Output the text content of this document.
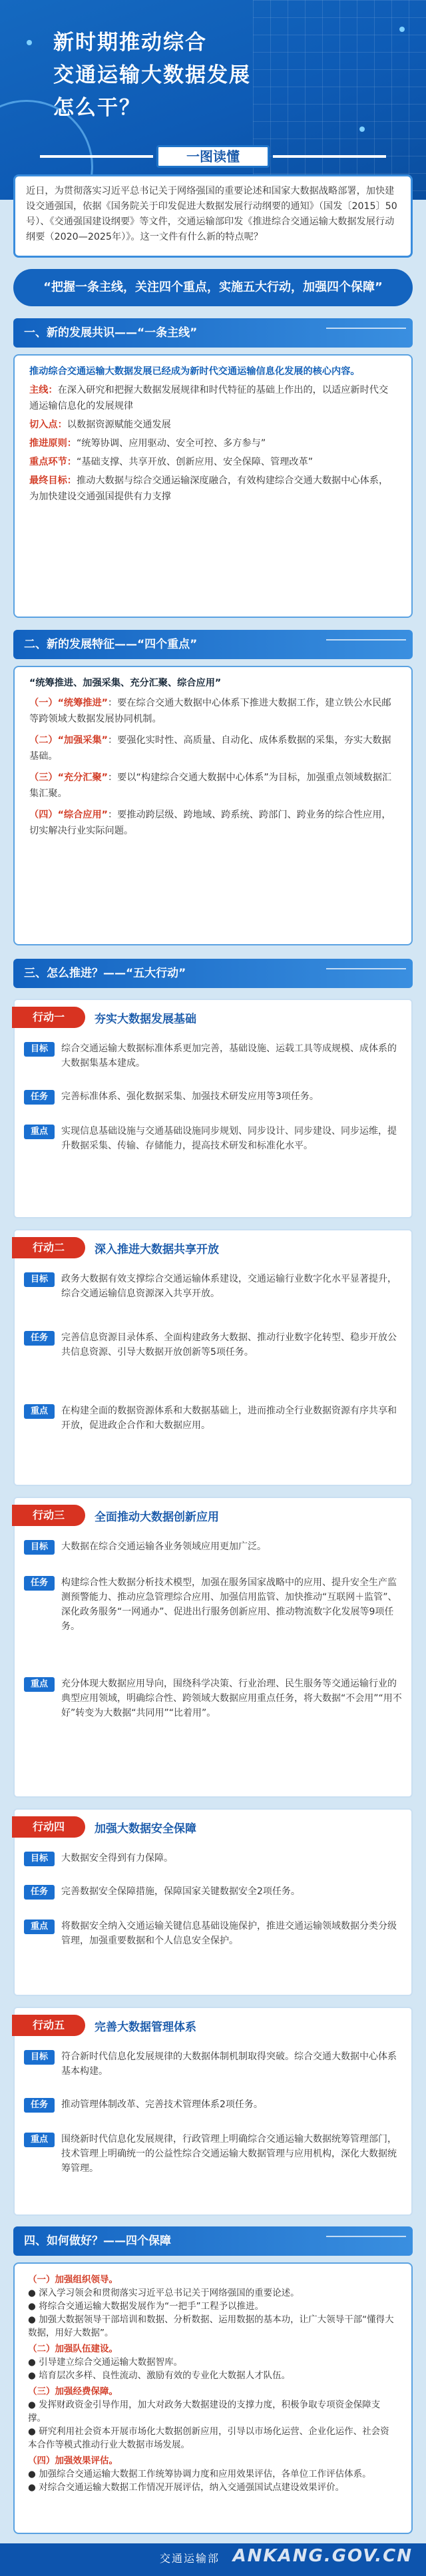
新时期推动综合
交通运输大数据发展
怎么干？
一图读懂
近日，为贯彻落实习近平总书记关于网络强国的重要论述和国家大数据战略部署，加快建设交通强国，依据《国务院关于印发促进大数据发展行动纲要的通知》（国发〔2015〕50号）、《交通强国建设纲要》等文件，交通运输部印发《推进综合交通运输大数据发展行动纲要（2020—2025年）》。这一文件有什么新的特点呢？
“把握一条主线，关注四个重点，实施五大行动，加强四个保障”
一、新的发展共识——“一条主线”

推动综合交通运输大数据发展已经成为新时代交通运输信息化发展的核心内容。

主线：在深入研究和把握大数据发展规律和时代特征的基础上作出的，以适应新时代交通运输信息化的发展规律

切入点：以数据资源赋能交通发展

推进原则：“统筹协调、应用驱动、安全可控、多方参与”

重点环节：“基础支撑、共享开放、创新应用、安全保障、管理改革”

最终目标：推动大数据与综合交通运输深度融合，有效构建综合交通大数据中心体系，为加快建设交通强国提供有力支撑

二、新的发展特征——“四个重点”

“统筹推进、加强采集、充分汇聚、综合应用”

（一）“统筹推进”：要在综合交通大数据中心体系下推进大数据工作，建立铁公水民邮等跨领域大数据发展协同机制。

（二）“加强采集”：要强化实时性、高质量、自动化、成体系数据的采集，夯实大数据基础。

（三）“充分汇聚”：要以“构建综合交通大数据中心体系”为目标，加强重点领域数据汇集汇聚。

（四）“综合应用”：要推动跨层级、跨地域、跨系统、跨部门、跨业务的综合性应用，切实解决行业实际问题。

三、怎么推进？——“五大行动”
行动一	夯实大数据发展基础
目标	综合交通运输大数据标准体系更加完善，基础设施、运载工具等成规模、成体系的大数据集基本建成。
任务	完善标准体系、强化数据采集、加强技术研发应用等3项任务。
重点	实现信息基础设施与交通基础设施同步规划、同步设计、同步建设、同步运维，提升数据采集、传输、存储能力，提高技术研发和标准化水平。
行动二	深入推进大数据共享开放
目标	政务大数据有效支撑综合交通运输体系建设，交通运输行业数字化水平显著提升，综合交通运输信息资源深入共享开放。
任务	完善信息资源目录体系、全面构建政务大数据、推动行业数字化转型、稳步开放公共信息资源、引导大数据开放创新等5项任务。
重点	在构建全面的数据资源体系和大数据基础上，进而推动全行业数据资源有序共享和开放，促进政企合作和大数据应用。
行动三	全面推动大数据创新应用
目标	大数据在综合交通运输各业务领域应用更加广泛。
任务	构建综合性大数据分析技术模型，加强在服务国家战略中的应用、提升安全生产监测预警能力、推动应急管理综合应用、加强信用监管、加快推动“互联网＋监管”、深化政务服务“一网通办”、促进出行服务创新应用、推动物流数字化发展等9项任务。
重点	充分体现大数据应用导向，围绕科学决策、行业治理、民生服务等交通运输行业的典型应用领域，明确综合性、跨领域大数据应用重点任务，将大数据“不会用”“用不好”转变为大数据“共同用”“比着用”。
行动四	加强大数据安全保障
目标	大数据安全得到有力保障。
任务	完善数据安全保障措施，保障国家关键数据安全2项任务。
重点	将数据安全纳入交通运输关键信息基础设施保护，推进交通运输领域数据分类分级管理，加强重要数据和个人信息安全保护。
行动五	完善大数据管理体系
目标	符合新时代信息化发展规律的大数据体制机制取得突破。综合交通大数据中心体系基本构建。
任务	推动管理体制改革、完善技术管理体系2项任务。
重点	围绕新时代信息化发展规律，行政管理上明确综合交通运输大数据统筹管理部门，技术管理上明确统一的公益性综合交通运输大数据管理与应用机构，深化大数据统筹管理。
四、如何做好？——四个保障

（一）加强组织领导。

● 深入学习领会和贯彻落实习近平总书记关于网络强国的重要论述。

● 将综合交通运输大数据发展作为“一把手”工程予以推进。

● 加强大数据领导干部培训和数据、分析数据、运用数据的基本功，让广大领导干部“懂得大数据，用好大数据”。

（二）加强队伍建设。

● 引导建立综合交通运输大数据智库。

● 培育层次多样、良性流动、激励有效的专业化大数据人才队伍。

（三）加强经费保障。

● 发挥财政资金引导作用，加大对政务大数据建设的支撑力度，积极争取专项资金保障支撑。

● 研究利用社会资本开展市场化大数据创新应用，引导以市场化运营、企业化运作、社会资本合作等模式推动行业大数据市场发展。

（四）加强效果评估。

● 加强综合交通运输大数据工作统筹协调力度和应用效果评估，各单位工作评估体系。

● 对综合交通运输大数据工作情况开展评估，纳入交通强国试点建设效果评价。

交通运输部 ANKANG.GOV.CN
